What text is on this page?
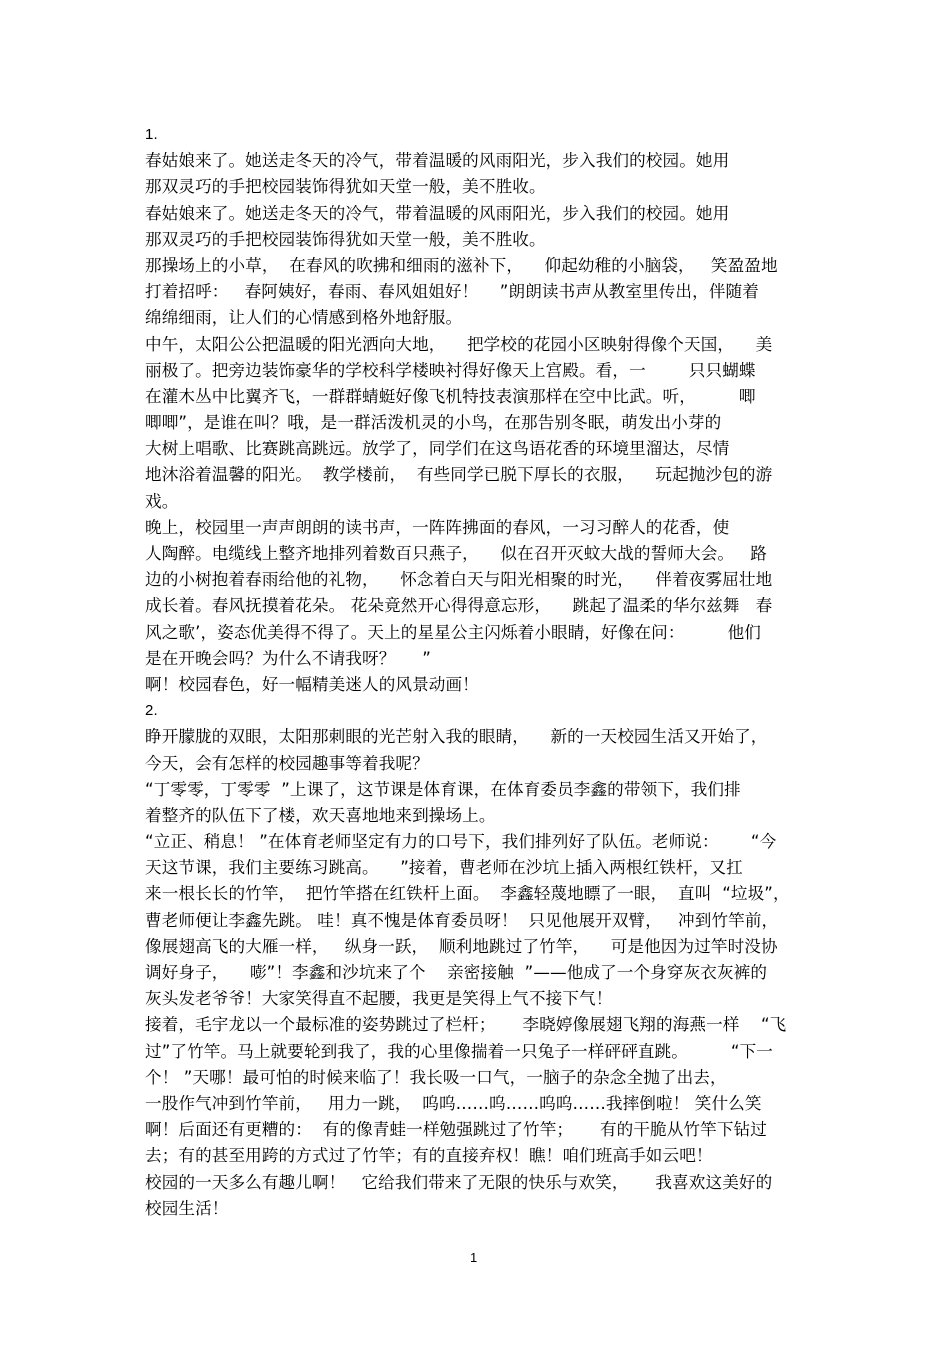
1.
春姑娘来了。她送走冬天的冷气，带着温暖的风雨阳光，步入我们的校园。她用
那双灵巧的手把校园装饰得犹如天堂一般，美不胜收。
春姑娘来了。她送走冬天的冷气，带着温暖的风雨阳光，步入我们的校园。她用
那双灵巧的手把校园装饰得犹如天堂一般，美不胜收。
那操场上的小草，  在春风的吹拂和细雨的滋补下，    仰起幼稚的小脑袋，   笑盈盈地
打着招呼：   春阿姨好，春雨、春风姐姐好！    ”朗朗读书声从教室里传出，伴随着
绵绵细雨，让人们的心情感到格外地舒服。
中午，太阳公公把温暖的阳光洒向大地，    把学校的花园小区映射得像个天国，    美
丽极了。把旁边装饰豪华的学校科学楼映衬得好像天上宫殿。看，一        只只蝴蝶
在灌木丛中比翼齐飞，一群群蜻蜓好像飞机特技表演那样在空中比武。听，        唧
唧唧”，是谁在叫？哦，是一群活泼机灵的小鸟，在那告别冬眠，萌发出小芽的
大树上唱歌、比赛跳高跳远。放学了，同学们在这鸟语花香的环境里溜达，尽情
地沐浴着温馨的阳光。  教学楼前，  有些同学已脱下厚长的衣服，    玩起抛沙包的游
戏。
晚上，校园里一声声朗朗的读书声，一阵阵拂面的春风，一习习醉人的花香，使
人陶醉。电缆线上整齐地排列着数百只燕子，    似在召开灭蚊大战的誓师大会。   路
边的小树抱着春雨给他的礼物，    怀念着白天与阳光相聚的时光，    伴着夜雾屈壮地
成长着。春风抚摸着花朵。 花朵竟然开心得得意忘形，    跳起了温柔的华尔兹舞   春
风之歌’，姿态优美得不得了。天上的星星公主闪烁着小眼睛，好像在问：        他们
是在开晚会吗？为什么不请我呀？     ”
啊！校园春色，好一幅精美迷人的风景动画！
2.
睁开朦胧的双眼，太阳那刺眼的光芒射入我的眼睛，    新的一天校园生活又开始了，
今天，会有怎样的校园趣事等着我呢？
“丁零零，丁零零  ”上课了，这节课是体育课，在体育委员李鑫的带领下，我们排
着整齐的队伍下了楼，欢天喜地地来到操场上。
“立正、稍息！ ”在体育老师坚定有力的口号下，我们排列好了队伍。老师说：      “今
天这节课，我们主要练习跳高。    ”接着，曹老师在沙坑上插入两根红铁杆，又扛
来一根长长的竹竿，  把竹竿搭在红铁杆上面。  李鑫轻蔑地瞟了一眼，  直叫  “垃圾”，
曹老师便让李鑫先跳。 哇！真不愧是体育委员呀！  只见他展开双臂，   冲到竹竿前，
像展翅高飞的大雁一样，   纵身一跃，  顺利地跳过了竹竿，    可是他因为过竿时没协
调好身子，    嘭”！李鑫和沙坑来了个    亲密接触  ”——他成了一个身穿灰衣灰裤的
灰头发老爷爷！大家笑得直不起腰，我更是笑得上气不接下气！
接着，毛宇龙以一个最标准的姿势跳过了栏杆；     李晓婷像展翅飞翔的海燕一样    “飞
过”了竹竿。马上就要轮到我了，我的心里像揣着一只兔子一样砰砰直跳。        “下一
个！ ”天哪！最可怕的时候来临了！我长吸一口气，一脑子的杂念全抛了出去，
一股作气冲到竹竿前，   用力一跳，  呜呜……呜……呜呜……我摔倒啦！ 笑什么笑
啊！后面还有更糟的：  有的像青蛙一样勉强跳过了竹竿；     有的干脆从竹竿下钻过
去；有的甚至用跨的方式过了竹竿；有的直接弃权！瞧！咱们班高手如云吧！
校园的一天多么有趣儿啊！   它给我们带来了无限的快乐与欢笑，     我喜欢这美好的
校园生活！
1
